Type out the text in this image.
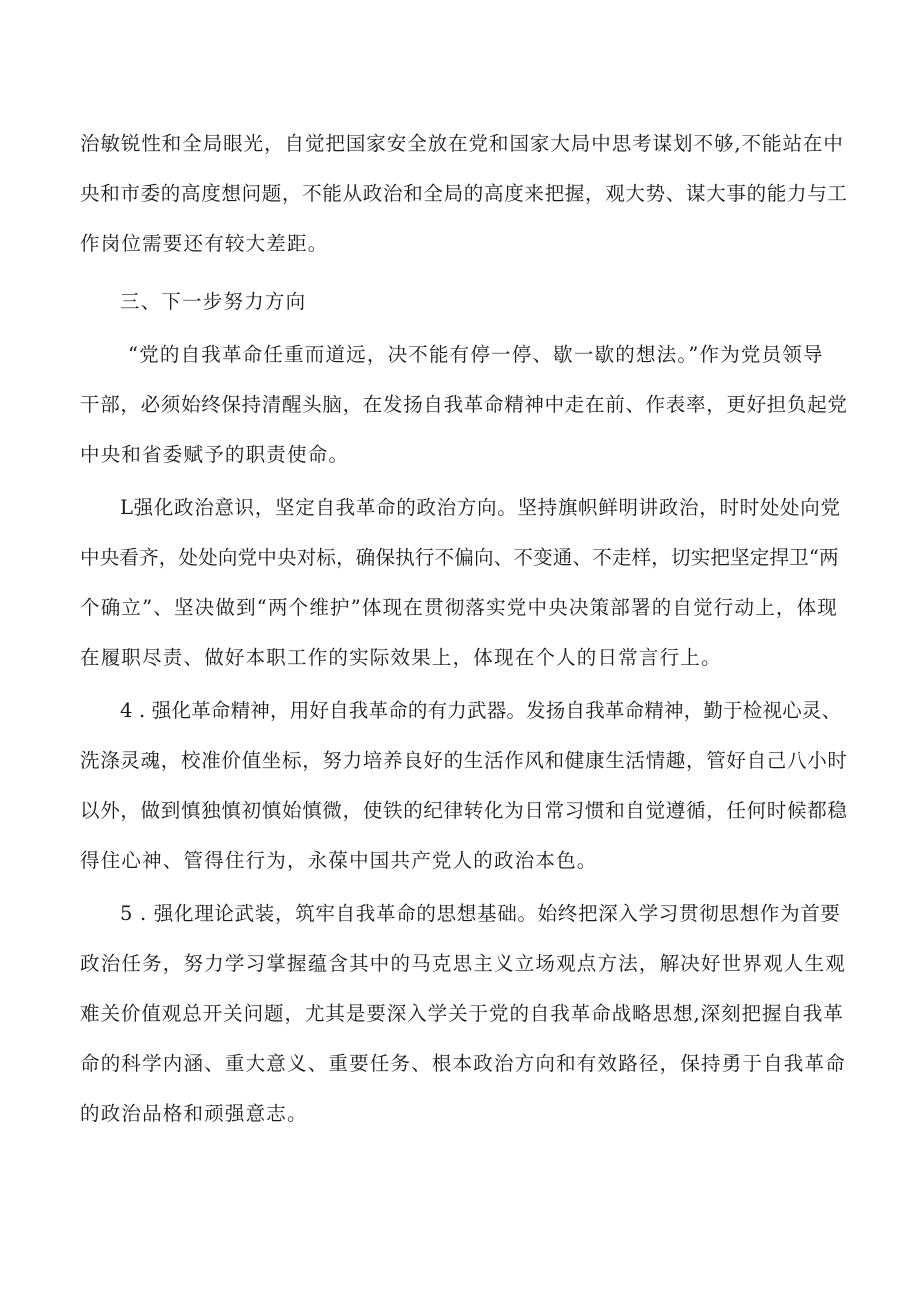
治敏锐性和全局眼光，自觉把国家安全放在党和国家大局中思考谋划不够,不能站在中
央和市委的高度想问题，不能从政治和全局的高度来把握，观大势、谋大事的能力与工
作岗位需要还有较大差距。
三、下一步努力方向
“党的自我革命任重而道远，决不能有停一停、歇一歇的想法。”作为党员领导
干部，必须始终保持清醒头脑，在发扬自我革命精神中走在前、作表率，更好担负起党
中央和省委赋予的职责使命。
L强化政治意识，坚定自我革命的政治方向。坚持旗帜鲜明讲政治，时时处处向党
中央看齐，处处向党中央对标，确保执行不偏向、不变通、不走样，切实把坚定捍卫“两
个确立”、坚决做到“两个维护”体现在贯彻落实党中央决策部署的自觉行动上，体现
在履职尽责、做好本职工作的实际效果上，体现在个人的日常言行上。
4 . 强化革命精神，用好自我革命的有力武器。发扬自我革命精神，勤于检视心灵、
洗涤灵魂，校准价值坐标，努力培养良好的生活作风和健康生活情趣，管好自己八小时
以外，做到慎独慎初慎始慎微，使铁的纪律转化为日常习惯和自觉遵循，任何时候都稳
得住心神、管得住行为，永葆中国共产党人的政治本色。
5 . 强化理论武装，筑牢自我革命的思想基础。始终把深入学习贯彻思想作为首要
政治任务，努力学习掌握蕴含其中的马克思主义立场观点方法，解决好世界观人生观
难关价值观总开关问题，尤其是要深入学关于党的自我革命战略思想,深刻把握自我革
命的科学内涵、重大意义、重要任务、根本政治方向和有效路径，保持勇于自我革命
的政治品格和顽强意志。
